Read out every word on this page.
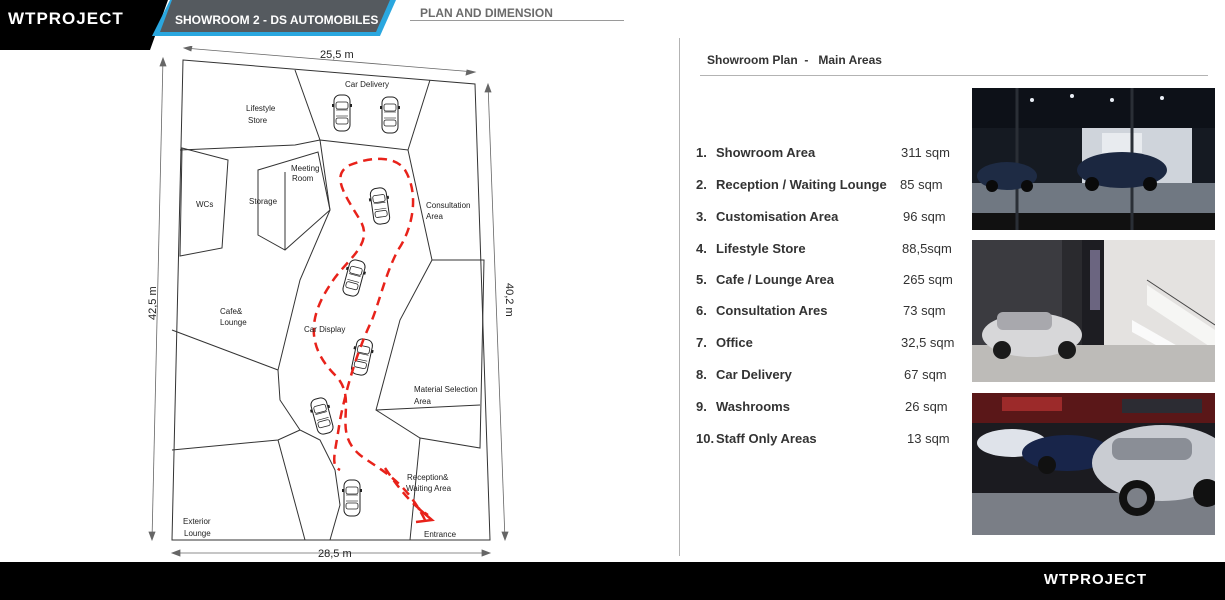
WTPROJECT	SHOWROOM 2 - DS AUTOMOBILES	PLAN AND DIMENSION
25,5 m
28,5 m
42,5 m	40,2 m
Car Delivery
Lifestyle
Store
Meeting
Room
Storage
WCs	Consultation
Area
Cafe&
Lounge
Car Display
Material Selection
Area
Reception&
Waiting Area
Exterior
Lounge	Entrance
Showroom Plan  -   Main Areas
1. Showroom Area	311 sqm
2. Reception / Waiting Lounge 85 sqm
3. Customisation Area	96 sqm
4. Lifestyle Store	88,5sqm
5. Cafe / Lounge Area	265 sqm
6. Consultation Ares	73 sqm
7. Office	32,5 sqm
8. Car Delivery	67 sqm
9. Washrooms	26 sqm
10. Staff Only Areas	13 sqm
WTPROJECT
